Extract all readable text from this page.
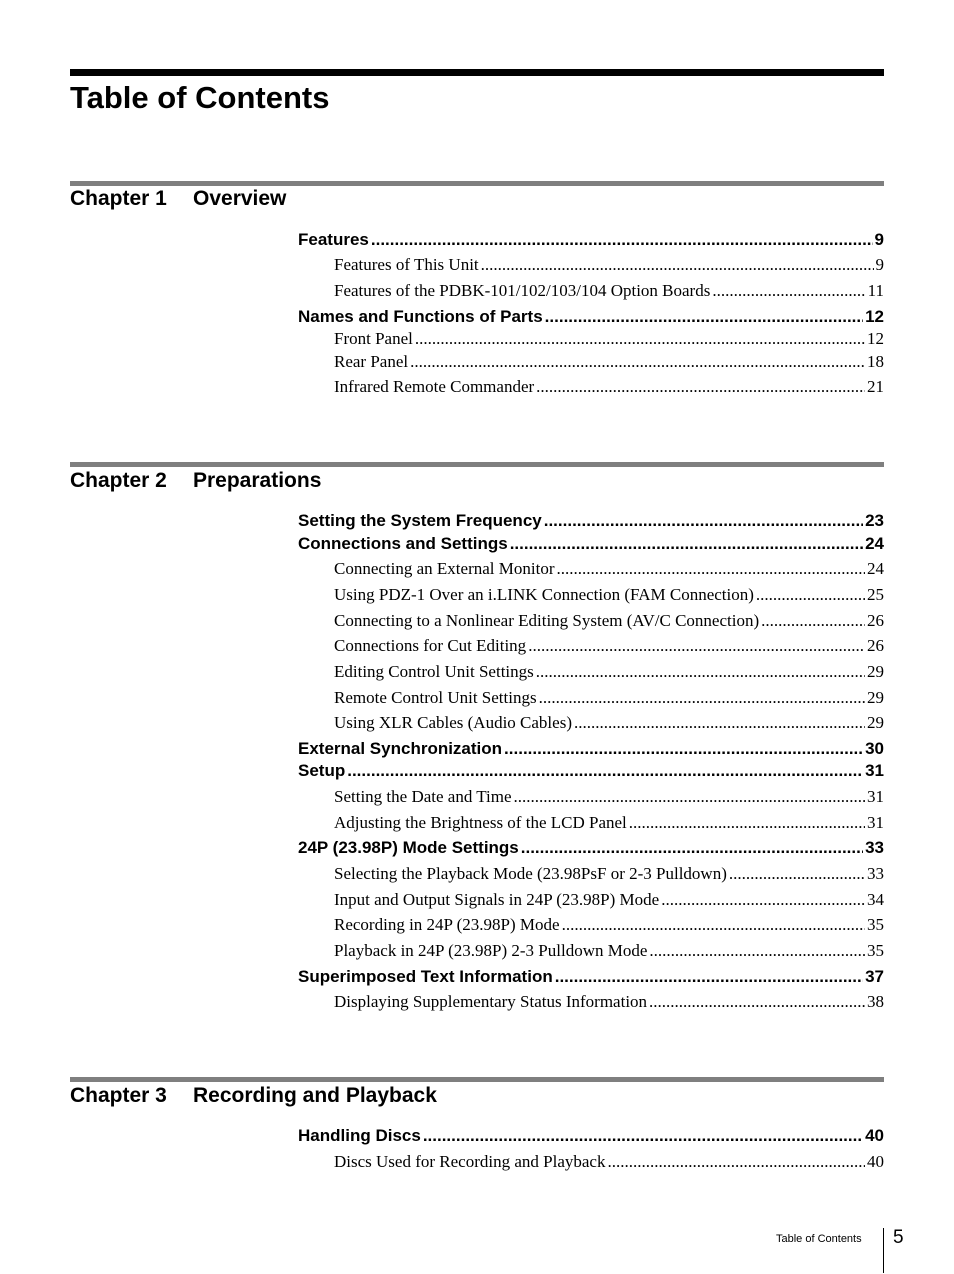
Table of Contents
Chapter 1 Overview
Features .....	9
Features of This Unit .....	9
Features of the PDBK-101/102/103/104 Option Boards .....	11
Names and Functions of Parts .....	12
Front Panel .....	12
Rear Panel .....	18
Infrared Remote Commander .....	21
Chapter 2 Preparations
Setting the System Frequency .....	23
Connections and Settings .....	24
Connecting an External Monitor .....	24
Using PDZ-1 Over an i.LINK Connection (FAM Connection) .....	25
Connecting to a Nonlinear Editing System (AV/C Connection) .....	26
Connections for Cut Editing .....	26
Editing Control Unit Settings .....	29
Remote Control Unit Settings .....	29
Using XLR Cables (Audio Cables) .....	29
External Synchronization .....	30
Setup .....	31
Setting the Date and Time .....	31
Adjusting the Brightness of the LCD Panel .....	31
24P (23.98P) Mode Settings .....	33
Selecting the Playback Mode (23.98PsF or 2-3 Pulldown) .....	33
Input and Output Signals in 24P (23.98P) Mode .....	34
Recording in 24P (23.98P) Mode .....	35
Playback in 24P (23.98P) 2-3 Pulldown Mode .....	35
Superimposed Text Information .....	37
Displaying Supplementary Status Information .....	38
Chapter 3 Recording and Playback
Handling Discs .....	40
Discs Used for Recording and Playback .....	40
Table of Contents 5
